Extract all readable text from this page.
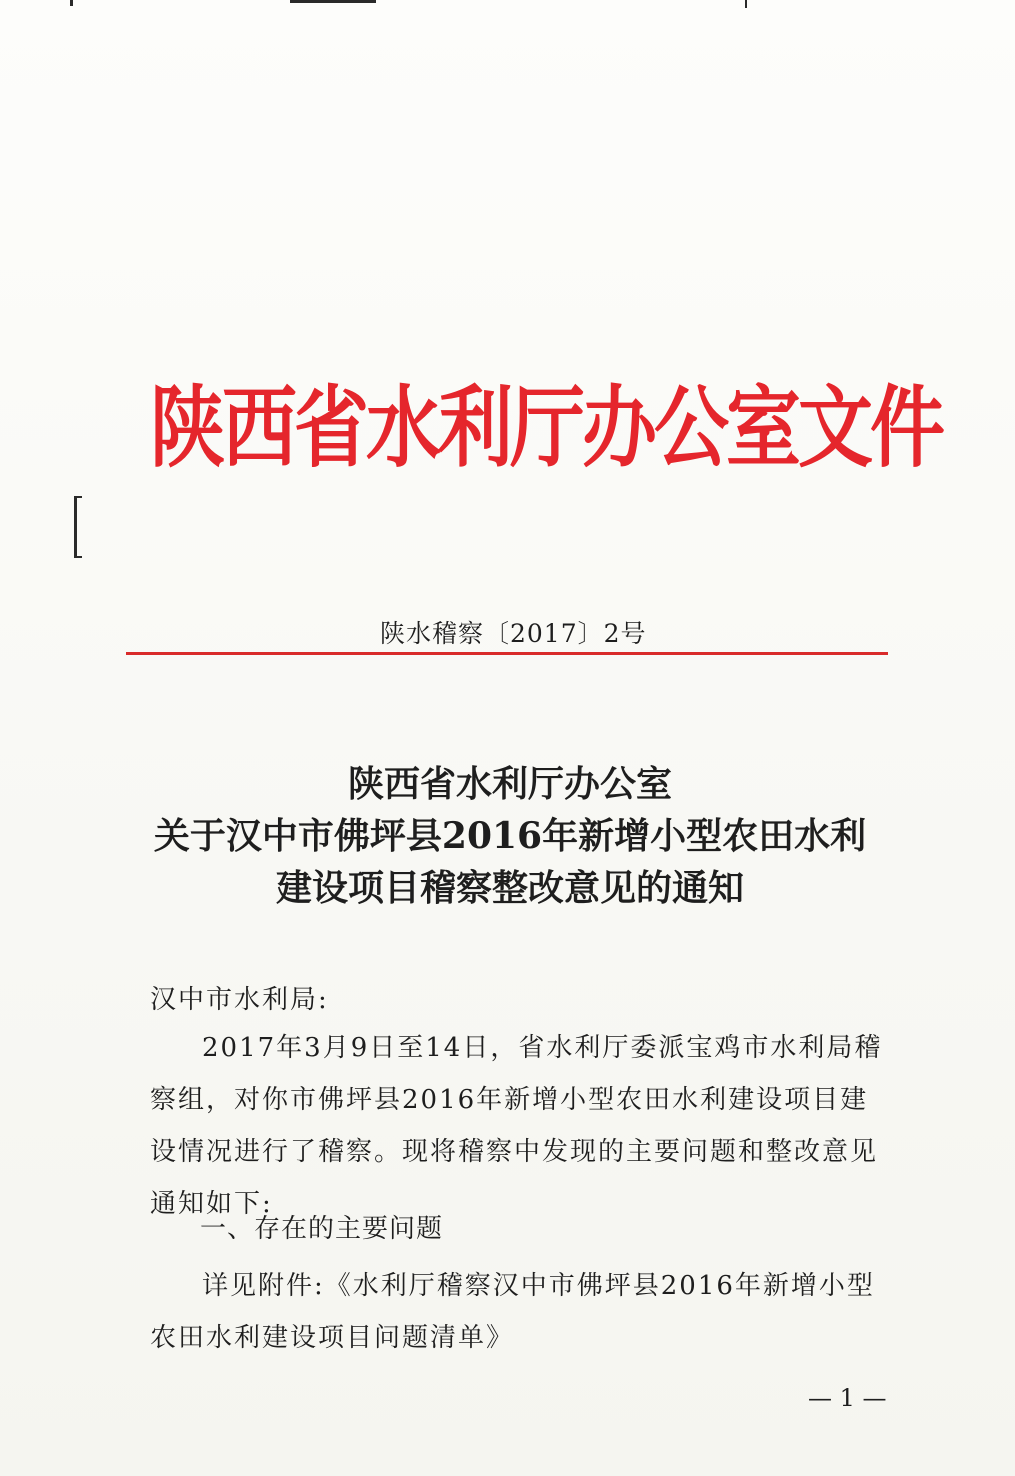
陕西省水利厅办公室文件
陕水稽察〔2017〕2号
陕西省水利厅办公室
关于汉中市佛坪县2016年新增小型农田水利
建设项目稽察整改意见的通知
汉中市水利局:
2017年3月9日至14日，省水利厅委派宝鸡市水利局稽察组，对你市佛坪县2016年新增小型农田水利建设项目建设情况进行了稽察。现将稽察中发现的主要问题和整改意见通知如下:
一、存在的主要问题
详见附件:《水利厅稽察汉中市佛坪县2016年新增小型农田水利建设项目问题清单》
— 1 —
